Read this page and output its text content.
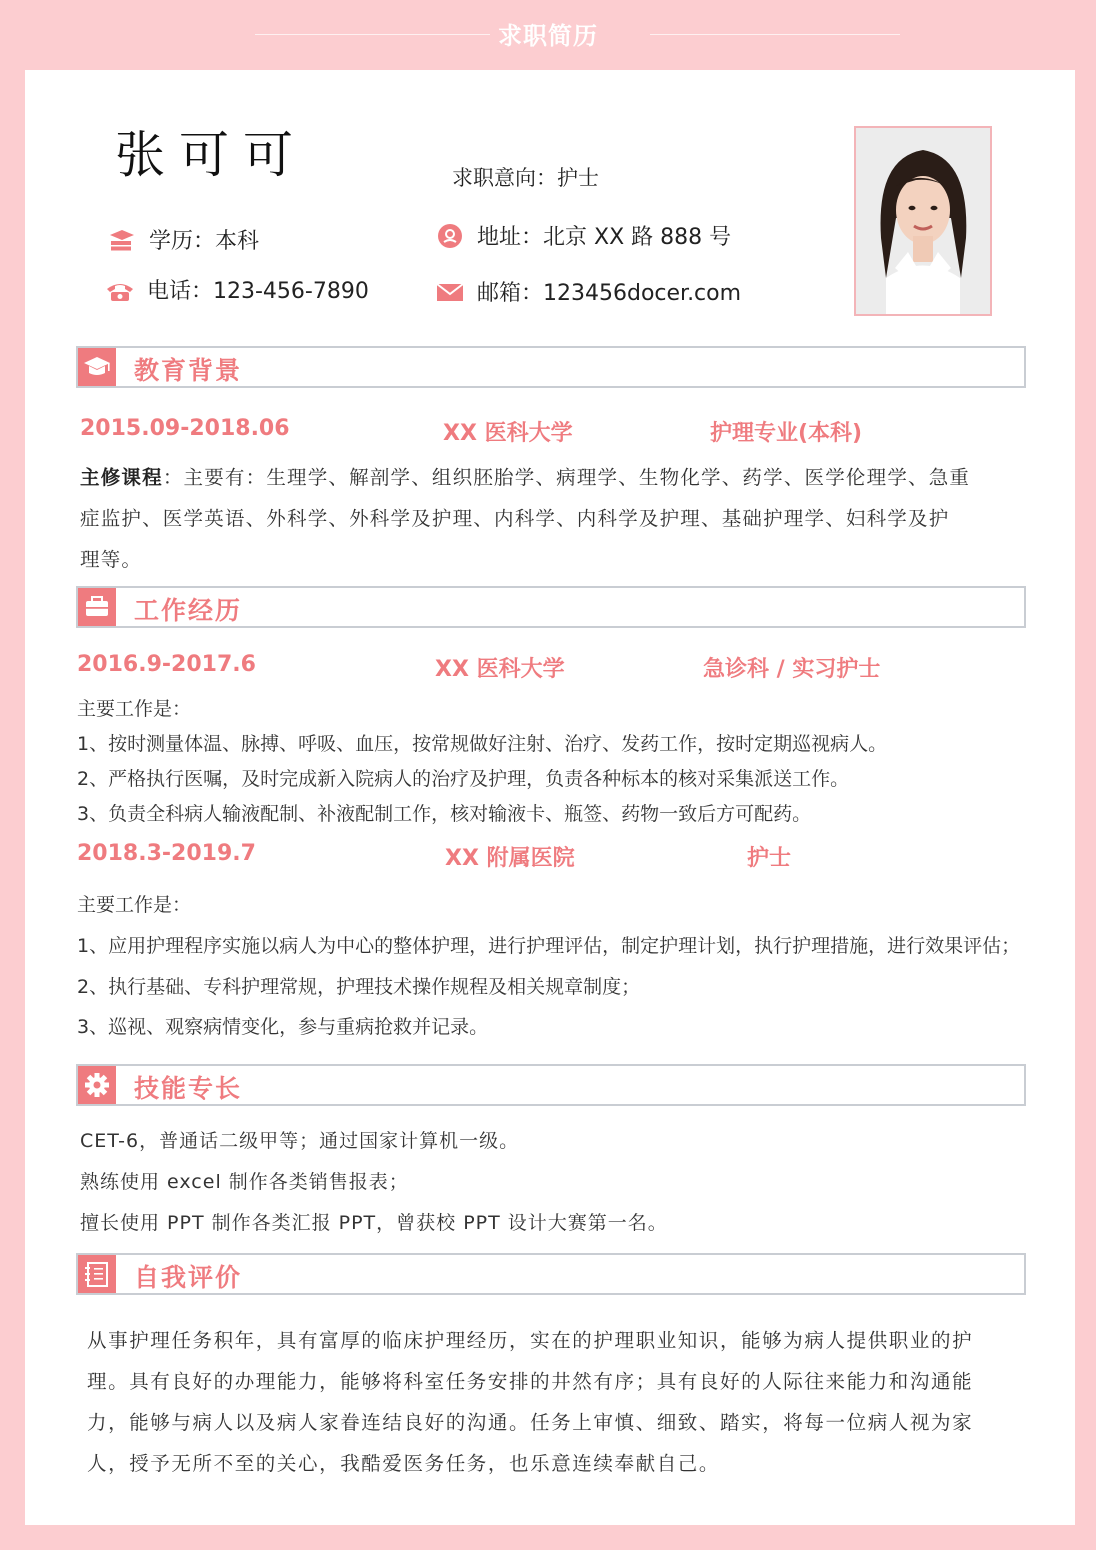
求职简历
张可可	求职意向：护士
学历：本科
电话：123-456-7890
地址：北京 XX 路 888 号
邮箱：123456docer.com
教育背景
2015.09-2018.06	XX 医科大学	护理专业(本科)
主修课程：主要有：生理学、解剖学、组织胚胎学、病理学、生物化学、药学、医学伦理学、急重
症监护、医学英语、外科学、外科学及护理、内科学、内科学及护理、基础护理学、妇科学及护
理等。
工作经历
2016.9-2017.6	XX 医科大学	急诊科 / 实习护士
主要工作是：
1、按时测量体温、脉搏、呼吸、血压，按常规做好注射、治疗、发药工作，按时定期巡视病人。
2、严格执行医嘱，及时完成新入院病人的治疗及护理，负责各种标本的核对采集派送工作。
3、负责全科病人输液配制、补液配制工作，核对输液卡、瓶签、药物一致后方可配药。
2018.3-2019.7	XX 附属医院	护士
主要工作是：
1、应用护理程序实施以病人为中心的整体护理，进行护理评估，制定护理计划，执行护理措施，进行效果评估；
2、执行基础、专科护理常规，护理技术操作规程及相关规章制度；
3、巡视、观察病情变化，参与重病抢救并记录。
技能专长
CET-6，普通话二级甲等；通过国家计算机一级。
熟练使用 excel 制作各类销售报表；
擅长使用 PPT 制作各类汇报 PPT，曾获校 PPT 设计大赛第一名。
自我评价
从事护理任务积年，具有富厚的临床护理经历，实在的护理职业知识，能够为病人提供职业的护
理。具有良好的办理能力，能够将科室任务安排的井然有序；具有良好的人际往来能力和沟通能
力，能够与病人以及病人家眷连结良好的沟通。任务上审慎、细致、踏实，将每一位病人视为家
人，授予无所不至的关心，我酷爱医务任务，也乐意连续奉献自己。
